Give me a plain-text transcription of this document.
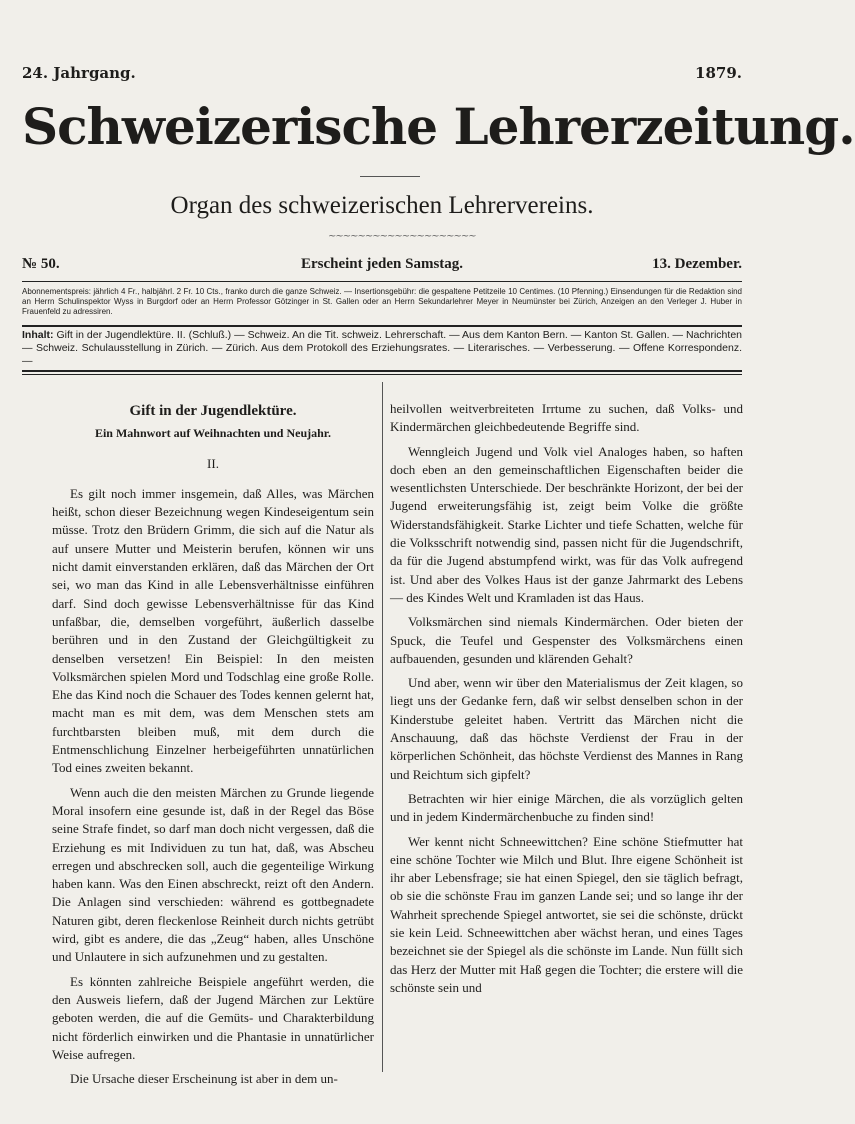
24. Jahrgang.	1879.
Schweizerische Lehrerzeitung.
Organ des schweizerischen Lehrervereins.
~~~~~~~~~~~~~~~~~~~~
№ 50.	Erscheint jeden Samstag.	13. Dezember.
Abonnementspreis: jährlich 4 Fr., halbjährl. 2 Fr. 10 Cts., franko durch die ganze Schweiz. — Insertionsgebühr: die gespaltene Petitzeile 10 Centimes. (10 Pfenning.) Einsendungen für die Redaktion sind an Herrn Schulinspektor Wyss in Burgdorf oder an Herrn Professor Götzinger in St. Gallen oder an Herrn Sekundarlehrer Meyer in Neumünster bei Zürich, Anzeigen an den Verleger J. Huber in Frauenfeld zu adressiren.
Inhalt: Gift in der Jugendlektüre. II. (Schluß.) — Schweiz. An die Tit. schweiz. Lehrerschaft. — Aus dem Kanton Bern. — Kanton St. Gallen. — Nachrichten — Schweiz. Schulausstellung in Zürich. — Zürich. Aus dem Protokoll des Erziehungsrates. — Literarisches. — Verbesserung. — Offene Korrespondenz. —
Gift in der Jugendlektüre.
Ein Mahnwort auf Weihnachten und Neujahr.
II.

Es gilt noch immer insgemein, daß Alles, was Märchen heißt, schon dieser Bezeichnung wegen Kindeseigentum sein müsse. Trotz den Brüdern Grimm, die sich auf die Natur als auf unsere Mutter und Meisterin berufen, können wir uns nicht damit einverstanden erklären, daß das Märchen der Ort sei, wo man das Kind in alle Lebensverhältnisse einführen darf. Sind doch gewisse Lebensverhältnisse für das Kind unfaßbar, die, demselben vorgeführt, äußerlich dasselbe berühren und in den Zustand der Gleichgültigkeit zu denselben versetzen! Ein Beispiel: In den meisten Volksmärchen spielen Mord und Todschlag eine große Rolle. Ehe das Kind noch die Schauer des Todes kennen gelernt hat, macht man es mit dem, was dem Menschen stets am furchtbarsten bleiben muß, mit dem durch die Entmenschlichung Einzelner herbeigeführten unnatürlichen Tod eines zweiten bekannt.

Wenn auch die den meisten Märchen zu Grunde liegende Moral insofern eine gesunde ist, daß in der Regel das Böse seine Strafe findet, so darf man doch nicht vergessen, daß die Erziehung es mit Individuen zu tun hat, daß, was Abscheu erregen und abschrecken soll, auch die gegenteilige Wirkung haben kann. Was den Einen abschreckt, reizt oft den Andern. Die Anlagen sind verschieden: während es gottbegnadete Naturen gibt, deren fleckenlose Reinheit durch nichts getrübt wird, gibt es andere, die das „Zeug“ haben, alles Unschöne und Unlautere in sich aufzunehmen und zu gestalten.

Es könnten zahlreiche Beispiele angeführt werden, die den Ausweis liefern, daß der Jugend Märchen zur Lektüre geboten werden, die auf die Gemüts- und Charakterbildung nicht förderlich einwirken und die Phantasie in unnatürlicher Weise aufregen.

Die Ursache dieser Erscheinung ist aber in dem un-

heilvollen weitverbreiteten Irrtume zu suchen, daß Volks- und Kindermärchen gleichbedeutende Begriffe sind.

Wenngleich Jugend und Volk viel Analoges haben, so haften doch eben an den gemeinschaftlichen Eigenschaften beider die wesentlichsten Unterschiede. Der beschränkte Horizont, der bei der Jugend erweiterungsfähig ist, zeigt beim Volke die größte Widerstandsfähigkeit. Starke Lichter und tiefe Schatten, welche für die Volksschrift notwendig sind, passen nicht für die Jugendschrift, da für die Jugend abstumpfend wirkt, was für das Volk aufregend ist. Und aber des Volkes Haus ist der ganze Jahrmarkt des Lebens — des Kindes Welt und Kramladen ist das Haus.

Volksmärchen sind niemals Kindermärchen. Oder bieten der Spuck, die Teufel und Gespenster des Volksmärchens einen aufbauenden, gesunden und klärenden Gehalt?

Und aber, wenn wir über den Materialismus der Zeit klagen, so liegt uns der Gedanke fern, daß wir selbst denselben schon in der Kinderstube geleitet haben. Vertritt das Märchen nicht die Anschauung, daß das höchste Verdienst der Frau in der körperlichen Schönheit, das höchste Verdienst des Mannes in Rang und Reichtum sich gipfelt?

Betrachten wir hier einige Märchen, die als vorzüglich gelten und in jedem Kindermärchenbuche zu finden sind!

Wer kennt nicht Schneewittchen? Eine schöne Stiefmutter hat eine schöne Tochter wie Milch und Blut. Ihre eigene Schönheit ist ihr aber Lebensfrage; sie hat einen Spiegel, den sie täglich befragt, ob sie die schönste Frau im ganzen Lande sei; und so lange ihr der Wahrheit sprechende Spiegel antwortet, sie sei die schönste, drückt sie kein Leid. Schneewittchen aber wächst heran, und eines Tages bezeichnet sie der Spiegel als die schönste im Lande. Nun füllt sich das Herz der Mutter mit Haß gegen die Tochter; die erstere will die schönste sein und
